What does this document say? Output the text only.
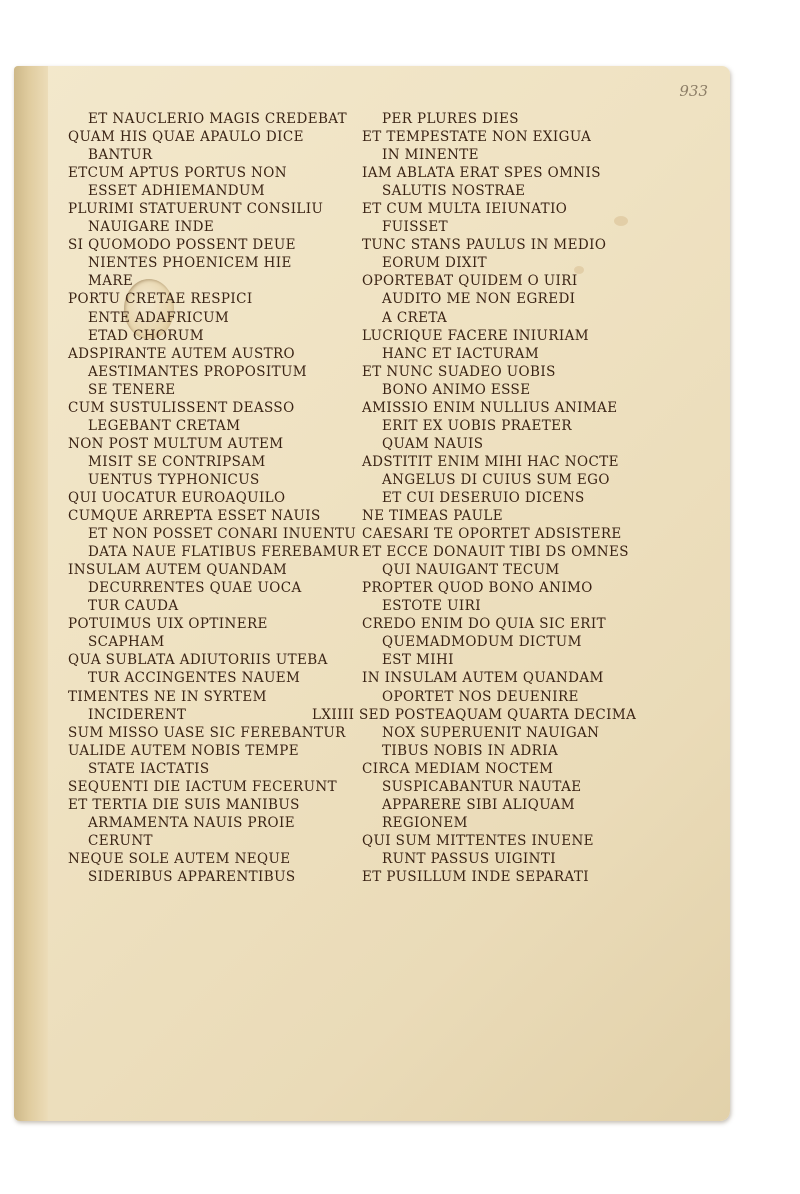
933
ET NAUCLERIO MAGIS CREDEBAT
QUAM HIS QUAE APAULO DICE
BANTUR
ETCUM APTUS PORTUS NON
ESSET ADHIEMANDUM
PLURIMI STATUERUNT CONSILIU
NAUIGARE INDE
SI QUOMODO POSSENT DEUE
NIENTES PHOENICEM HIE
MARE
PORTU CRETAE RESPICI
ENTE ADAFRICUM
ETAD CHORUM
ADSPIRANTE AUTEM AUSTRO
AESTIMANTES PROPOSITUM
SE TENERE
CUM SUSTULISSENT DEASSO
LEGEBANT CRETAM
NON POST MULTUM AUTEM
MISIT SE CONTRIPSAM
UENTUS TYPHONICUS
QUI UOCATUR EUROAQUILO
CUMQUE ARREPTA ESSET NAUIS
ET NON POSSET CONARI INUENTU
DATA NAUE FLATIBUS FEREBAMUR
INSULAM AUTEM QUANDAM
DECURRENTES QUAE UOCA
TUR CAUDA
POTUIMUS UIX OPTINERE
SCAPHAM
QUA SUBLATA ADIUTORIIS UTEBA
TUR ACCINGENTES NAUEM
TIMENTES NE IN SYRTEM
INCIDERENT
SUM MISSO UASE SIC FEREBANTUR
UALIDE AUTEM NOBIS TEMPE
STATE IACTATIS
SEQUENTI DIE IACTUM FECERUNT
ET TERTIA DIE SUIS MANIBUS
ARMAMENTA NAUIS PROIE
CERUNT
NEQUE SOLE AUTEM NEQUE
SIDERIBUS APPARENTIBUS
PER PLURES DIES
ET TEMPESTATE NON EXIGUA
IN MINENTE
IAM ABLATA ERAT SPES OMNIS
SALUTIS NOSTRAE
ET CUM MULTA IEIUNATIO
FUISSET
TUNC STANS PAULUS IN MEDIO
EORUM DIXIT
OPORTEBAT QUIDEM O UIRI
AUDITO ME NON EGREDI
A CRETA
LUCRIQUE FACERE INIURIAM
HANC ET IACTURAM
ET NUNC SUADEO UOBIS
BONO ANIMO ESSE
AMISSIO ENIM NULLIUS ANIMAE
ERIT EX UOBIS PRAETER
QUAM NAUIS
ADSTITIT ENIM MIHI HAC NOCTE
ANGELUS DI CUIUS SUM EGO
ET CUI DESERUIO DICENS
NE TIMEAS PAULE
CAESARI TE OPORTET ADSISTERE
ET ECCE DONAUIT TIBI DS OMNES
QUI NAUIGANT TECUM
PROPTER QUOD BONO ANIMO
ESTOTE UIRI
CREDO ENIM DO QUIA SIC ERIT
QUEMADMODUM DICTUM
EST MIHI
IN INSULAM AUTEM QUANDAM
OPORTET NOS DEUENIRE
LXIIII SED POSTEAQUAM QUARTA DECIMA
NOX SUPERUENIT NAUIGAN
TIBUS NOBIS IN ADRIA
CIRCA MEDIAM NOCTEM
SUSPICABANTUR NAUTAE
APPARERE SIBI ALIQUAM
REGIONEM
QUI SUM MITTENTES INUENE
RUNT PASSUS UIGINTI
ET PUSILLUM INDE SEPARATI
